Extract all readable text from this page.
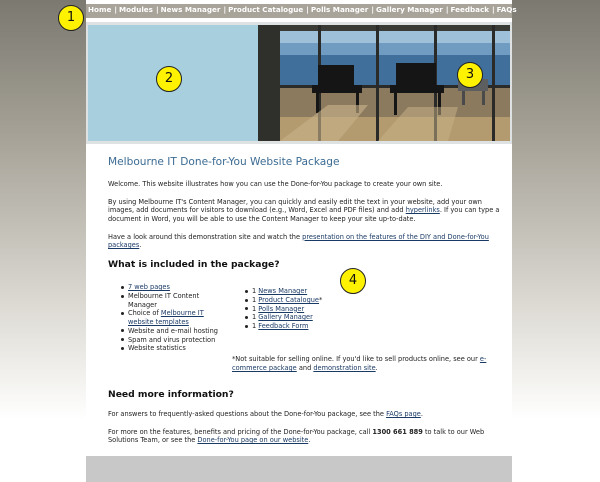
Home | Modules | News Manager | Product Catalogue | Polls Manager | Gallery Manager | Feedback | FAQs
Melbourne IT Done-for-You Website Package

Welcome. This website illustrates how you can use the Done-for-You package to create your own site.

By using Melbourne IT's Content Manager, you can quickly and easily edit the text in your website, add your own images, add documents for visitors to download (e.g., Word, Excel and PDF files) and add hyperlinks. If you can type a document in Word, you will be able to use the Content Manager to keep your site up-to-date.

Have a look around this demonstration site and watch the presentation on the features of the DIY and Done-for-You packages.

What is included in the package?
7 web pages
Melbourne IT Content Manager
Choice of Melbourne IT website templates
Website and e-mail hosting
Spam and virus protection
Website statistics
1 News Manager
1 Product Catalogue*
1 Polls Manager
1 Gallery Manager
1 Feedback Form

*Not suitable for selling online. If you'd like to sell products online, see our e-commerce package and demonstration site.

Need more information?

For answers to frequently-asked questions about the Done-for-You package, see the FAQs page.

For more on the features, benefits and pricing of the Done-for-You package, call 1300 661 889 to talk to our Web Solutions Team, or see the Done-for-You page on our website.

1
2	3
4
